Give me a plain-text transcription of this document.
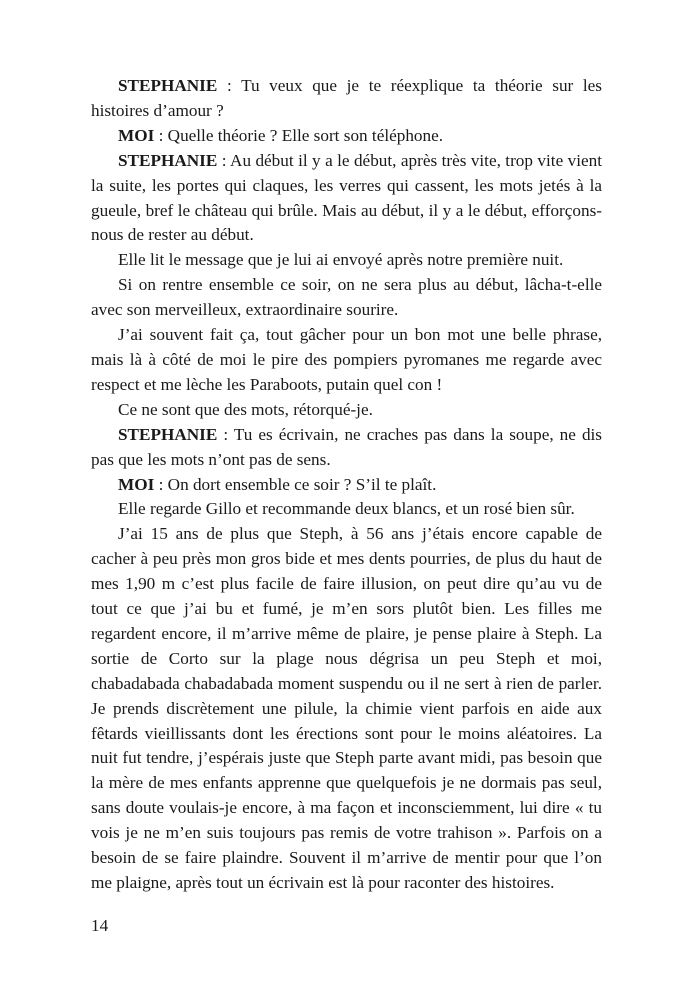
STEPHANIE : Tu veux que je te réexplique ta théorie sur les histoires d’amour ?

MOI : Quelle théorie ? Elle sort son téléphone.

STEPHANIE : Au début il y a le début, après très vite, trop vite vient la suite, les portes qui claques, les verres qui cassent, les mots jetés à la gueule, bref le château qui brûle. Mais au début, il y a le début, efforçons-nous de rester au début.

Elle lit le message que je lui ai envoyé après notre première nuit.

Si on rentre ensemble ce soir, on ne sera plus au début, lâcha-t-elle avec son merveilleux, extraordinaire sourire.

J’ai souvent fait ça, tout gâcher pour un bon mot une belle phrase, mais là à côté de moi le pire des pompiers pyromanes me regarde avec respect et me lèche les Paraboots, putain quel con !

Ce ne sont que des mots, rétorqué-je.

STEPHANIE : Tu es écrivain, ne craches pas dans la soupe, ne dis pas que les mots n’ont pas de sens.

MOI : On dort ensemble ce soir ? S’il te plaît.

Elle regarde Gillo et recommande deux blancs, et un rosé bien sûr.

J’ai 15 ans de plus que Steph, à 56 ans j’étais encore capable de cacher à peu près mon gros bide et mes dents pourries, de plus du haut de mes 1,90 m c’est plus facile de faire illusion, on peut dire qu’au vu de tout ce que j’ai bu et fumé, je m’en sors plutôt bien. Les filles me regardent encore, il m’arrive même de plaire, je pense plaire à Steph. La sortie de Corto sur la plage nous dégrisa un peu Steph et moi, chabadabada chabadabada moment suspendu ou il ne sert à rien de parler. Je prends discrètement une pilule, la chimie vient parfois en aide aux fêtards vieillissants dont les érections sont pour le moins aléatoires. La nuit fut tendre, j’espérais juste que Steph parte avant midi, pas besoin que la mère de mes enfants apprenne que quelquefois je ne dormais pas seul, sans doute voulais-je encore, à ma façon et inconsciemment, lui dire « tu vois je ne m’en suis toujours pas remis de votre trahison ». Parfois on a besoin de se faire plaindre. Souvent il m’arrive de mentir pour que l’on me plaigne, après tout un écrivain est là pour raconter des histoires.

14
